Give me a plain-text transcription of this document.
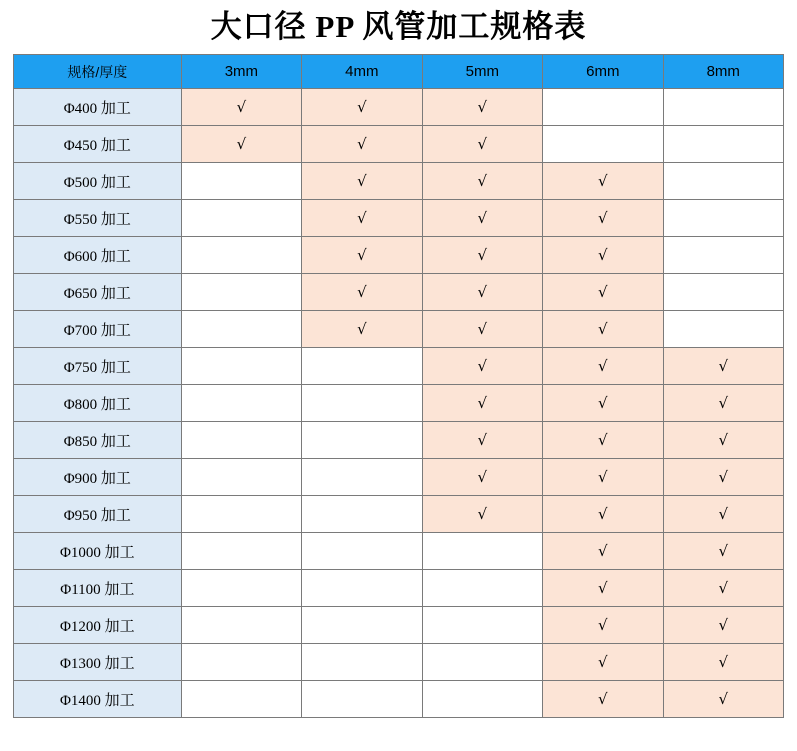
大口径 PP 风管加工规格表
规格/厚度	3mm	4mm	5mm	6mm	8mm
Φ400 加工	√	√	√		
Φ450 加工	√	√	√		
Φ500 加工		√	√	√	
Φ550 加工		√	√	√	
Φ600 加工		√	√	√	
Φ650 加工		√	√	√	
Φ700 加工		√	√	√	
Φ750 加工			√	√	√
Φ800 加工			√	√	√
Φ850 加工			√	√	√
Φ900 加工			√	√	√
Φ950 加工			√	√	√
Φ1000 加工				√	√
Φ1100 加工				√	√
Φ1200 加工				√	√
Φ1300 加工				√	√
Φ1400 加工				√	√
